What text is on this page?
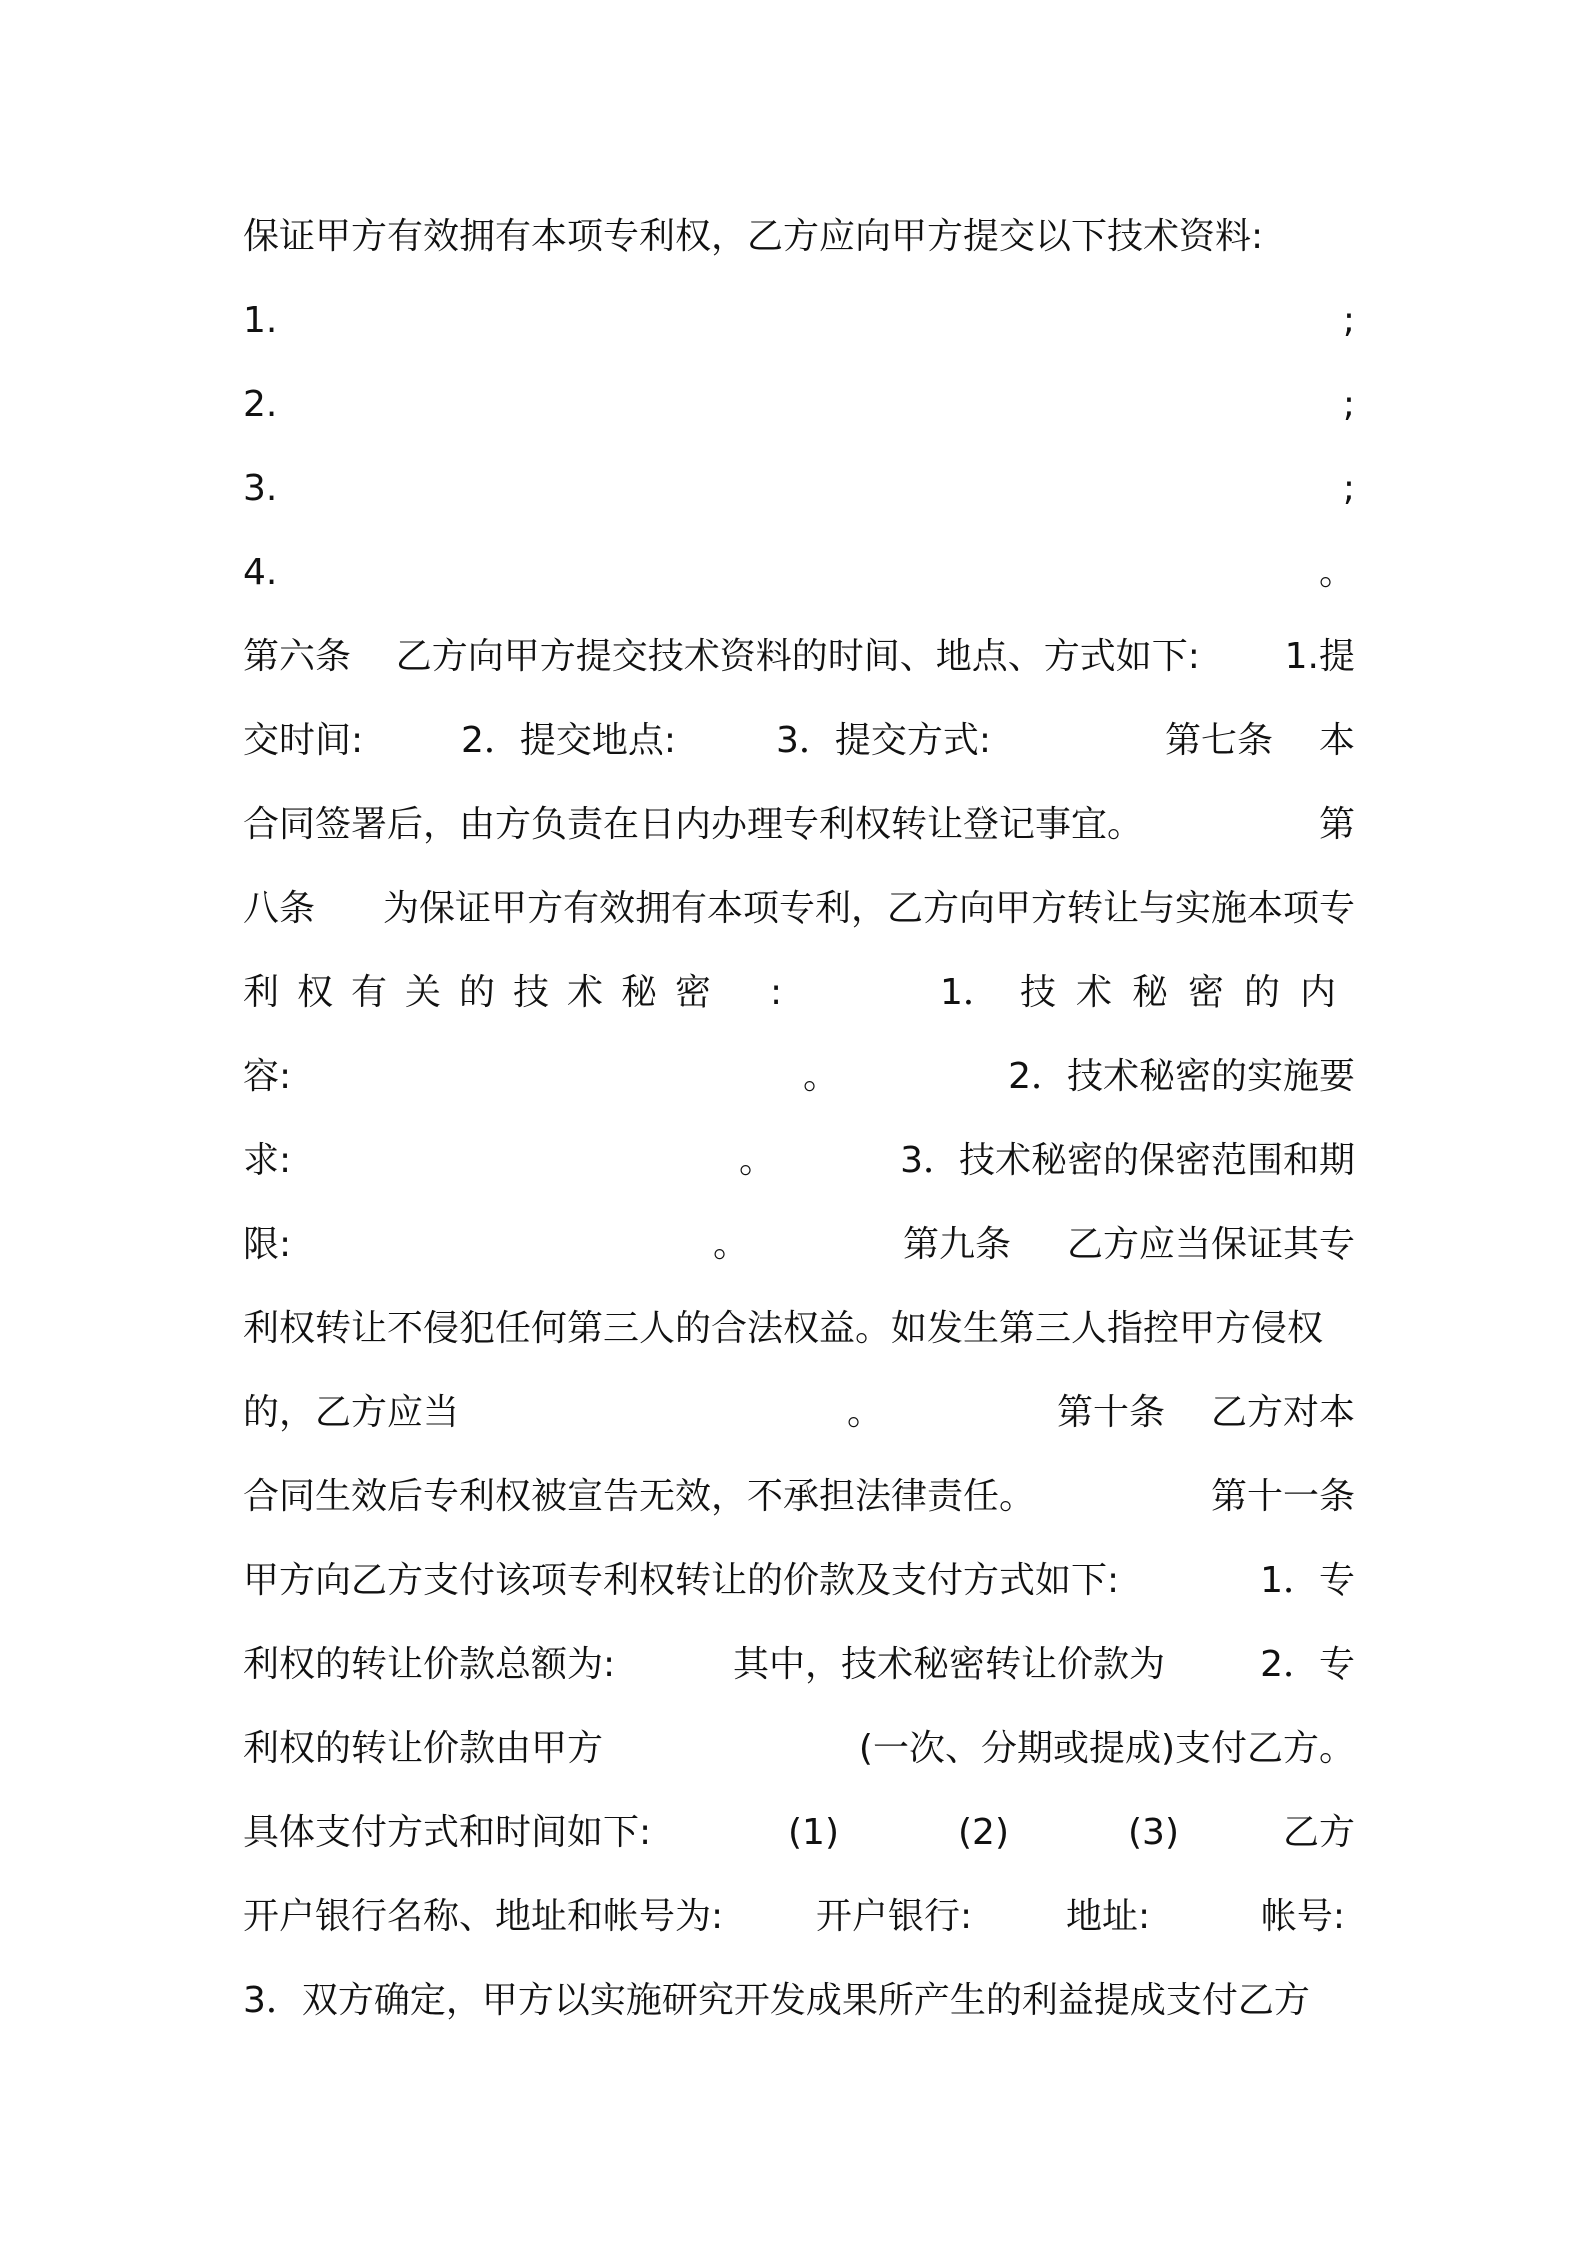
保证甲方有效拥有本项专利权，乙方应向甲方提交以下技术资料:
1.	;
2.	;
3.	;
4.	。
第六条 乙方向甲方提交技术资料的时间、地点、方式如下: 1.提
交时间:	2．提交地点:	3．提交方式:	第七条 本
合同签署后，由方负责在日内办理专利权转让登记事宜。	第
八条 为保证甲方有效拥有本项专利，乙方向甲方转让与实施本项专
利 权 有 关 的 技 术 秘 密 :	1． 技 术 秘 密 的 内
容:	。	2．技术秘密的实施要
求:	。	3．技术秘密的保密范围和期
限:	。	第九条 乙方应当保证其专
利权转让不侵犯任何第三人的合法权益。如发生第三人指控甲方侵权
的，乙方应当	。	第十条 乙方对本
合同生效后专利权被宣告无效，不承担法律责任。	第十一条
甲方向乙方支付该项专利权转让的价款及支付方式如下:	1．专
利权的转让价款总额为:	其中，技术秘密转让价款为	2．专
利权的转让价款由甲方	(一次、分期或提成)支付乙方。
具体支付方式和时间如下:	(1)	(2)	(3)	乙方
开户银行名称、地址和帐号为:	开户银行:	地址:	帐号:
3．双方确定，甲方以实施研究开发成果所产生的利益提成支付乙方
